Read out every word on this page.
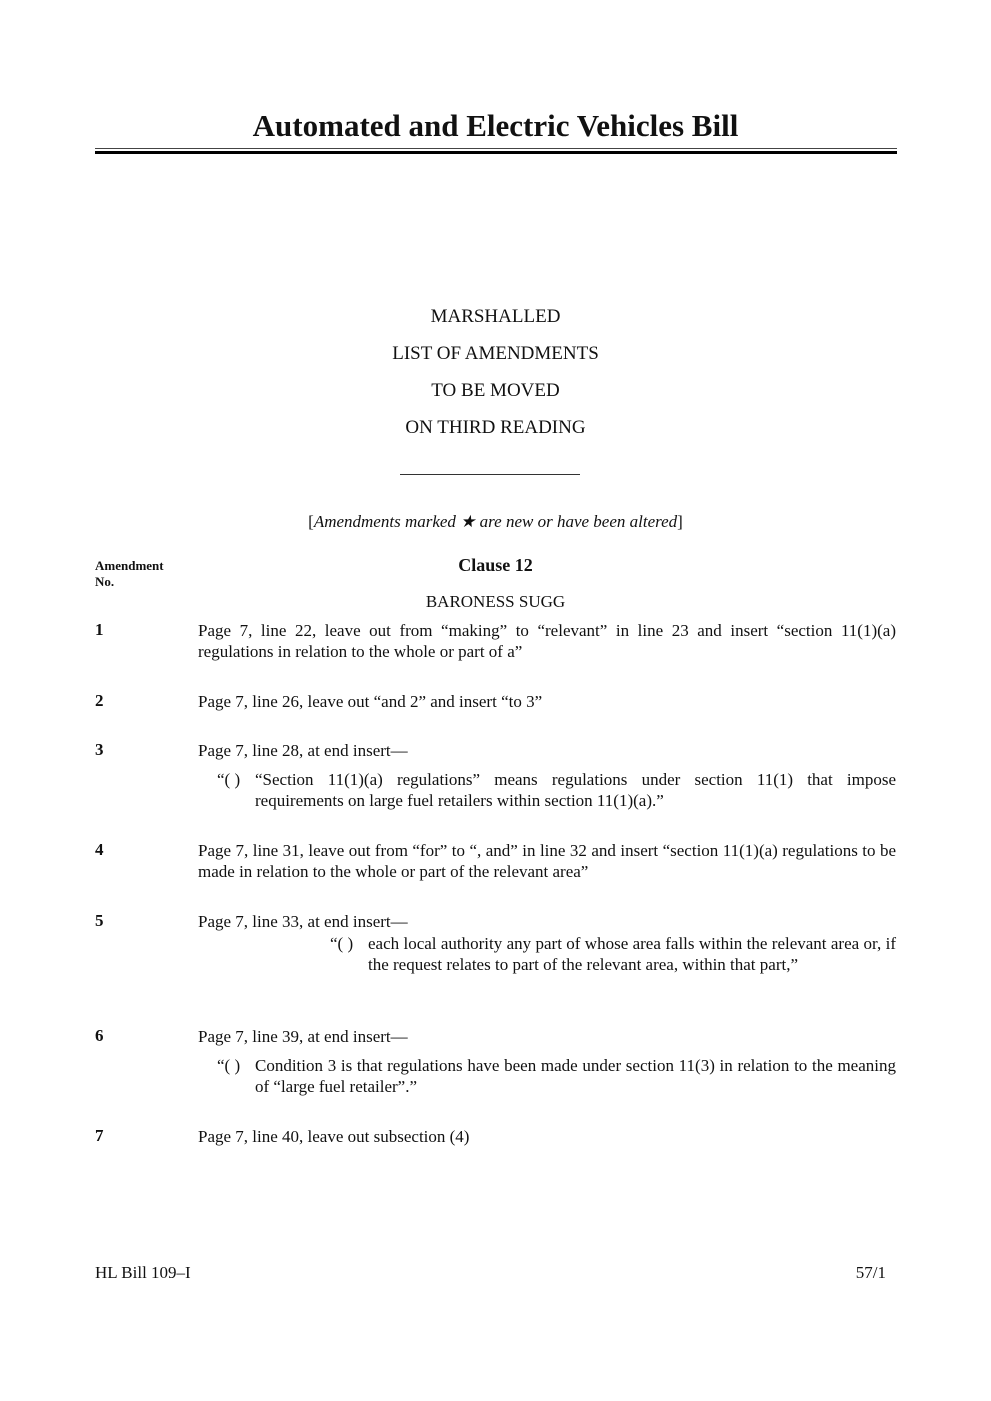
Automated and Electric Vehicles Bill
MARSHALLED
LIST OF AMENDMENTS
TO BE MOVED
ON THIRD READING
[Amendments marked ★ are new or have been altered]
Amendment
No.
Clause 12
BARONESS SUGG
1	Page 7, line 22, leave out from “making” to “relevant” in line 23 and insert “section 11(1)(a) regulations in relation to the whole or part of a”
2	Page 7, line 26, leave out “and 2” and insert “to 3”
3	Page 7, line 28, at end insert—
“( ) “Section 11(1)(a) regulations” means regulations under section 11(1) that impose requirements on large fuel retailers within section 11(1)(a).”
4	Page 7, line 31, leave out from “for” to “, and” in line 32 and insert “section 11(1)(a) regulations to be made in relation to the whole or part of the relevant area”
5	Page 7, line 33, at end insert—
“( ) each local authority any part of whose area falls within the relevant area or, if the request relates to part of the relevant area, within that part,”
6	Page 7, line 39, at end insert—
“( ) Condition 3 is that regulations have been made under section 11(3) in relation to the meaning of “large fuel retailer”.”
7	Page 7, line 40, leave out subsection (4)
HL Bill 109–I	57/1
